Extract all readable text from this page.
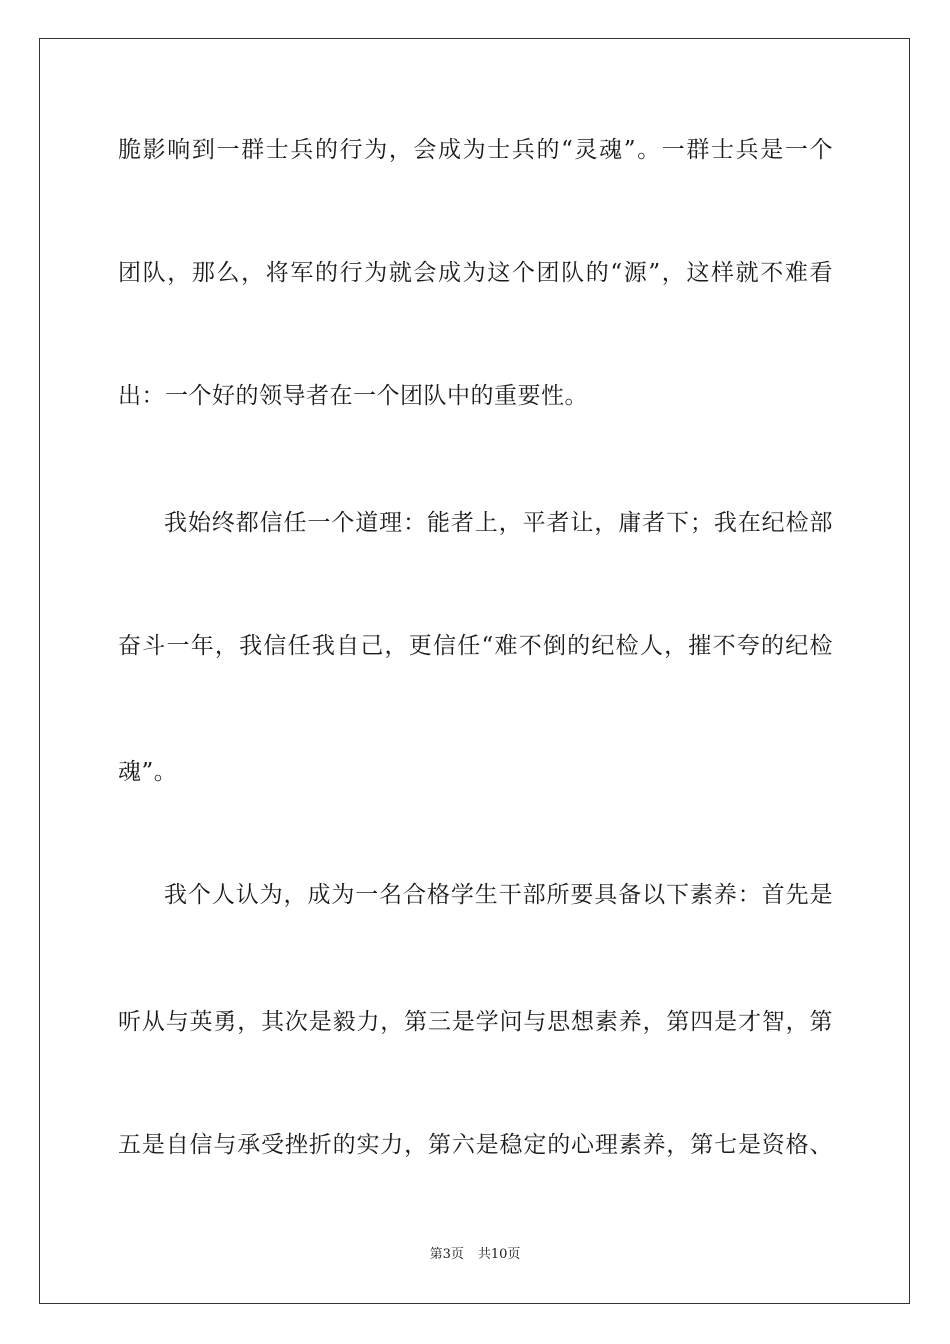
脆影响到一群士兵的行为，会成为士兵的“灵魂”。一群士兵是一个
团队，那么，将军的行为就会成为这个团队的“源”，这样就不难看
出：一个好的领导者在一个团队中的重要性。
我始终都信任一个道理：能者上，平者让，庸者下；我在纪检部
奋斗一年，我信任我自己，更信任“难不倒的纪检人，摧不夸的纪检
魂”。
我个人认为，成为一名合格学生干部所要具备以下素养：首先是
听从与英勇，其次是毅力，第三是学问与思想素养，第四是才智，第
五是自信与承受挫折的实力，第六是稳定的心理素养，第七是资格、
第3页 共10页
